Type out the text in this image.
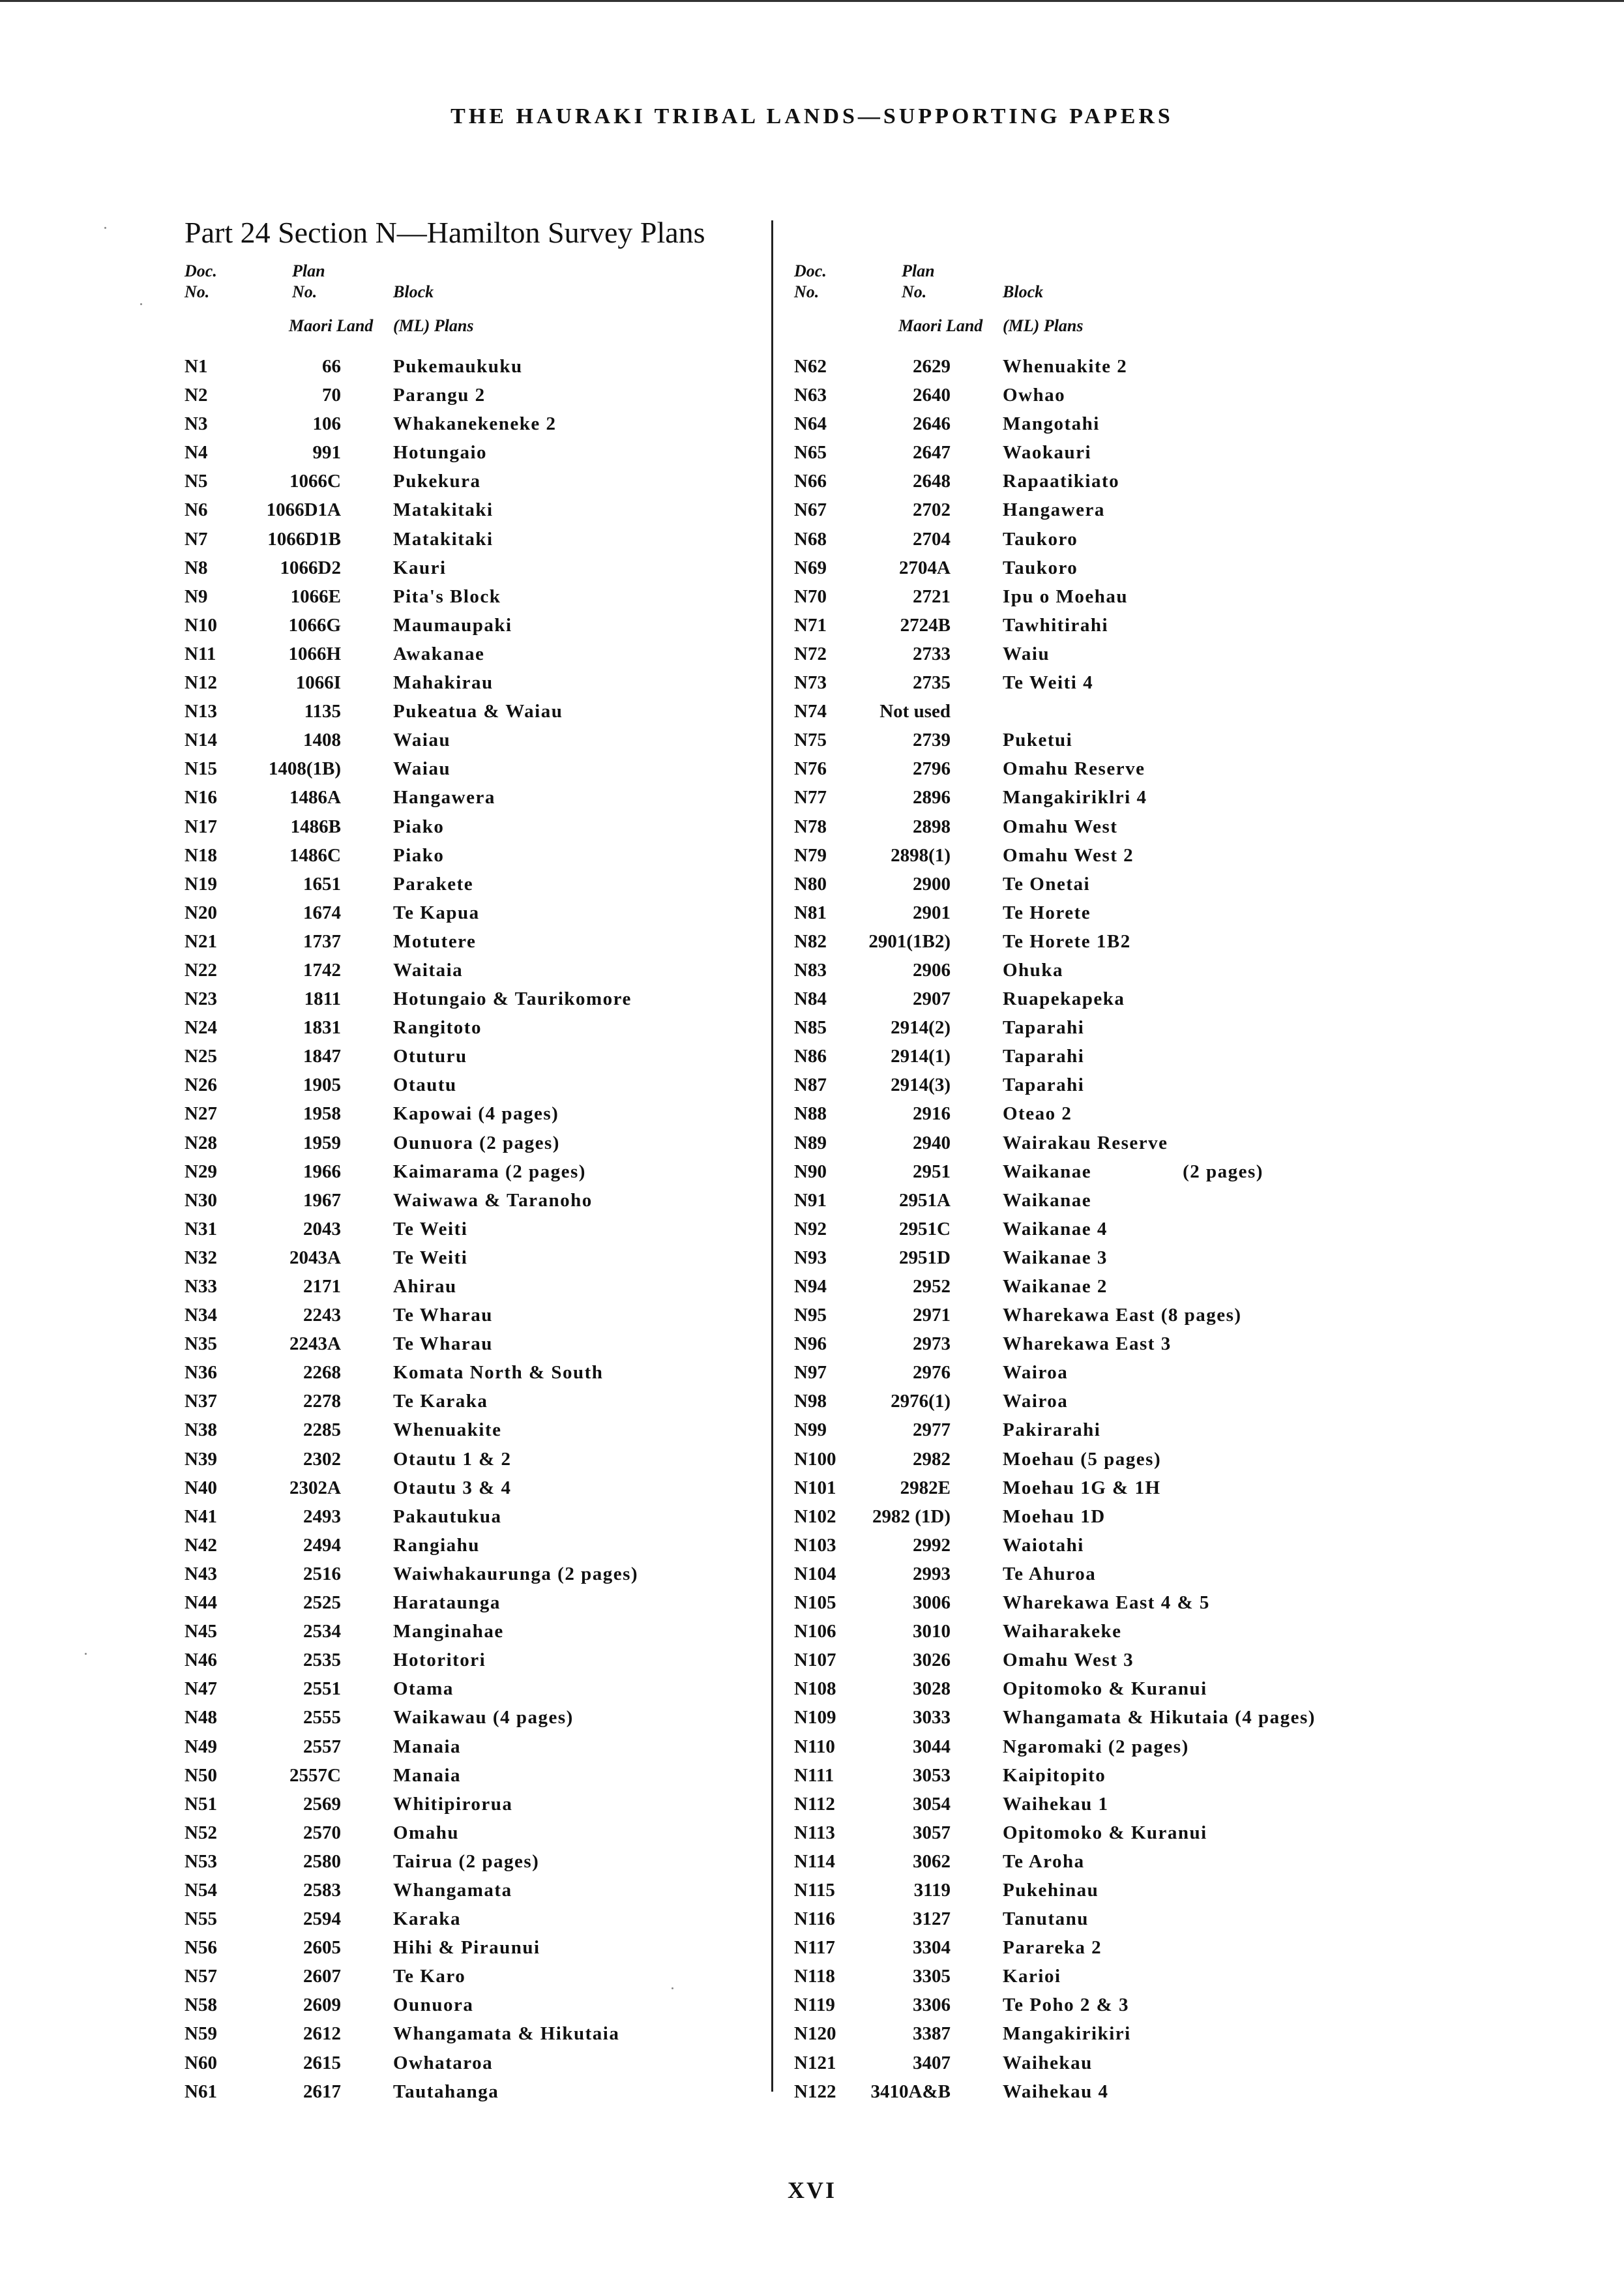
THE HAURAKI TRIBAL LANDS—SUPPORTING PAPERS
Part 24 Section N—Hamilton Survey Plans
Doc.
No.
Plan
No.	Block
Maori Land (ML) Plans
N1	66	Pukemaukuku
N2	70	Parangu 2
N3	106	Whakanekeneke 2
N4	991	Hotungaio
N5	1066C	Pukekura
N6	1066D1A	Matakitaki
N7	1066D1B	Matakitaki
N8	1066D2	Kauri
N9	1066E	Pita's Block
N10	1066G	Maumaupaki
N11	1066H	Awakanae
N12	1066I	Mahakirau
N13	1135	Pukeatua & Waiau
N14	1408	Waiau
N15	1408(1B)	Waiau
N16	1486A	Hangawera
N17	1486B	Piako
N18	1486C	Piako
N19	1651	Parakete
N20	1674	Te Kapua
N21	1737	Motutere
N22	1742	Waitaia
N23	1811	Hotungaio & Taurikomore
N24	1831	Rangitoto
N25	1847	Otuturu
N26	1905	Otautu
N27	1958	Kapowai (4 pages)
N28	1959	Ounuora (2 pages)
N29	1966	Kaimarama (2 pages)
N30	1967	Waiwawa & Taranoho
N31	2043	Te Weiti
N32	2043A	Te Weiti
N33	2171	Ahirau
N34	2243	Te Wharau
N35	2243A	Te Wharau
N36	2268	Komata North & South
N37	2278	Te Karaka
N38	2285	Whenuakite
N39	2302	Otautu 1 & 2
N40	2302A	Otautu 3 & 4
N41	2493	Pakautukua
N42	2494	Rangiahu
N43	2516	Waiwhakaurunga (2 pages)
N44	2525	Harataunga
N45	2534	Manginahae
N46	2535	Hotoritori
N47	2551	Otama
N48	2555	Waikawau (4 pages)
N49	2557	Manaia
N50	2557C	Manaia
N51	2569	Whitipirorua
N52	2570	Omahu
N53	2580	Tairua (2 pages)
N54	2583	Whangamata
N55	2594	Karaka
N56	2605	Hihi & Piraunui
N57	2607	Te Karo
N58	2609	Ounuora
N59	2612	Whangamata & Hikutaia
N60	2615	Owhataroa
N61	2617	Tautahanga
Doc.
No.
Plan
No.	Block
Maori Land (ML) Plans
N62	2629	Whenuakite 2
N63	2640	Owhao
N64	2646	Mangotahi
N65	2647	Waokauri
N66	2648	Rapaatikiato
N67	2702	Hangawera
N68	2704	Taukoro
N69	2704A	Taukoro
N70	2721	Ipu o Moehau
N71	2724B	Tawhitirahi
N72	2733	Waiu
N73	2735	Te Weiti 4
N74	Not used
N75	2739	Puketui
N76	2796	Omahu Reserve
N77	2896	Mangakiriklri 4
N78	2898	Omahu West
N79	2898(1)	Omahu West 2
N80	2900	Te Onetai
N81	2901	Te Horete
N82	2901(1B2)	Te Horete 1B2
N83	2906	Ohuka
N84	2907	Ruapekapeka
N85	2914(2)	Taparahi
N86	2914(1)	Taparahi
N87	2914(3)	Taparahi
N88	2916	Oteao 2
N89	2940	Wairakau Reserve
N90	2951	Waikanae                (2 pages)
N91	2951A	Waikanae
N92	2951C	Waikanae 4
N93	2951D	Waikanae 3
N94	2952	Waikanae 2
N95	2971	Wharekawa East (8 pages)
N96	2973	Wharekawa East 3
N97	2976	Wairoa
N98	2976(1)	Wairoa
N99	2977	Pakirarahi
N100	2982	Moehau (5 pages)
N101	2982E	Moehau 1G & 1H
N102	2982 (1D)	Moehau 1D
N103	2992	Waiotahi
N104	2993	Te Ahuroa
N105	3006	Wharekawa East 4 & 5
N106	3010	Waiharakeke
N107	3026	Omahu West 3
N108	3028	Opitomoko & Kuranui
N109	3033	Whangamata & Hikutaia (4 pages)
N110	3044	Ngaromaki (2 pages)
N111	3053	Kaipitopito
N112	3054	Waihekau 1
N113	3057	Opitomoko & Kuranui
N114	3062	Te Aroha
N115	3119	Pukehinau
N116	3127	Tanutanu
N117	3304	Parareka 2
N118	3305	Karioi
N119	3306	Te Poho 2 & 3
N120	3387	Mangakirikiri
N121	3407	Waihekau
N122	3410A&B	Waihekau 4
XVI
